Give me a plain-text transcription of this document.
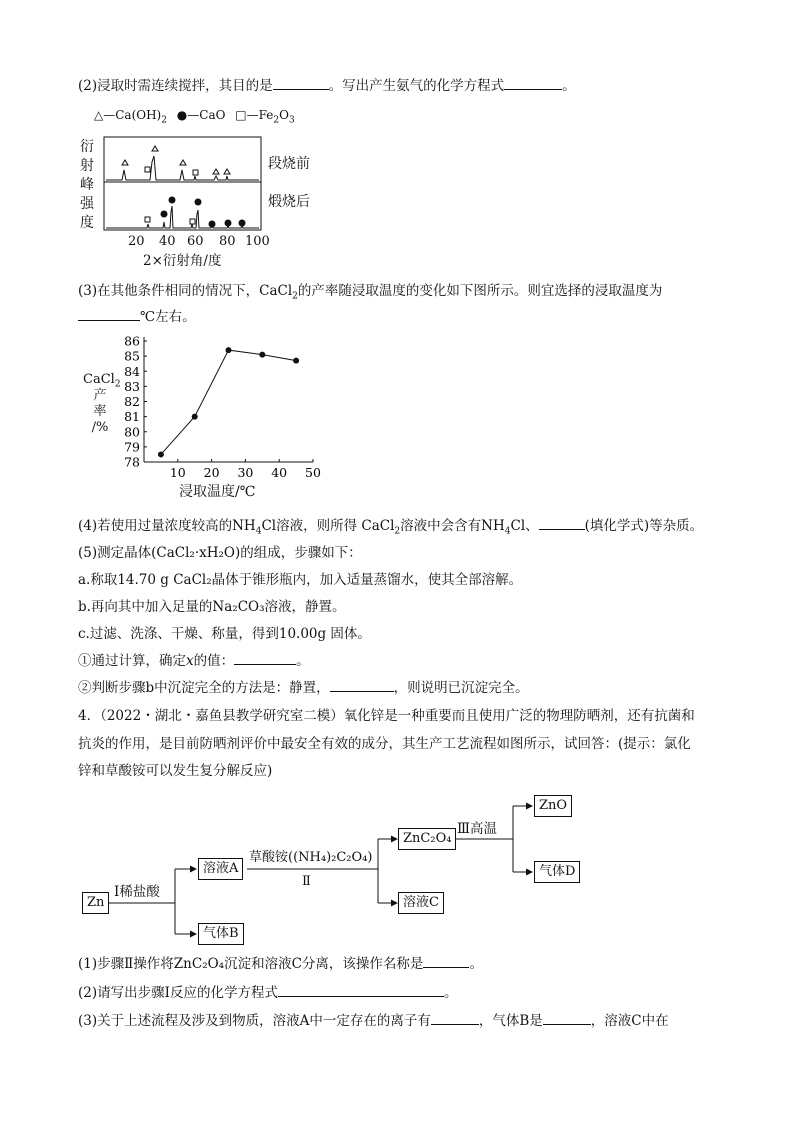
(2)浸取时需连续搅拌，其目的是	。写出产生氨气的化学方程式	。
$\triangle—Ca(OH)_2$ ●—CaO $□—Fe_2O_3$
衍
射
峰
强
度
段烧前
煅烧后
20 40 60 80 100
2×衍射角/度
(3)在其他条件相同的情况下，CaCl$_2$的产率随浸取温度的变化如下图所示。则宜选择的浸取温度为
℃左右。
CaCl$_2$
产
率
/%
78
79
80
81
82
83
84
85
86
10 20 30 40 50
浸取温度/℃
(4)若使用过量浓度较高的$NH_4Cl$溶液，则所得 CaCl$_2$溶液中会含有$NH_4Cl$、	(填化学式)等杂质。
(5)测定晶体(CaCl₂·xH₂O)的组成，步骤如下：
a.称取14.70 g CaCl₂晶体于锥形瓶内，加入适量蒸馏水，使其全部溶解。
b.再向其中加入足量的Na₂CO₃溶液，静置。
c.过滤、洗涤、干燥、称量，得到10.00g 固体。
①通过计算，确定x的值：	。
②判断步骤b中沉淀完全的方法是：静置，	，则说明已沉淀完全。
4．（2022・湖北・嘉鱼县教学研究室二模）氧化锌是一种重要而且使用广泛的物理防晒剂，还有抗菌和
抗炎的作用，是目前防晒剂评价中最安全有效的成分，其生产工艺流程如图所示，试回答：(提示：氯化
锌和草酸铵可以发生复分解反应)
Zn
Ⅰ稀盐酸
溶液A
气体B
草酸铵((NH₄)₂C₂O₄)
Ⅱ
ZnC₂O₄
溶液C
Ⅲ高温
ZnO
气体D
(1)步骤Ⅱ操作将ZnC₂O₄沉淀和溶液C分离，该操作名称是	。
(2)请写出步骤Ⅰ反应的化学方程式	。
(3)关于上述流程及涉及到物质，溶液A中一定存在的离子有	，气体B是	，溶液C中在
